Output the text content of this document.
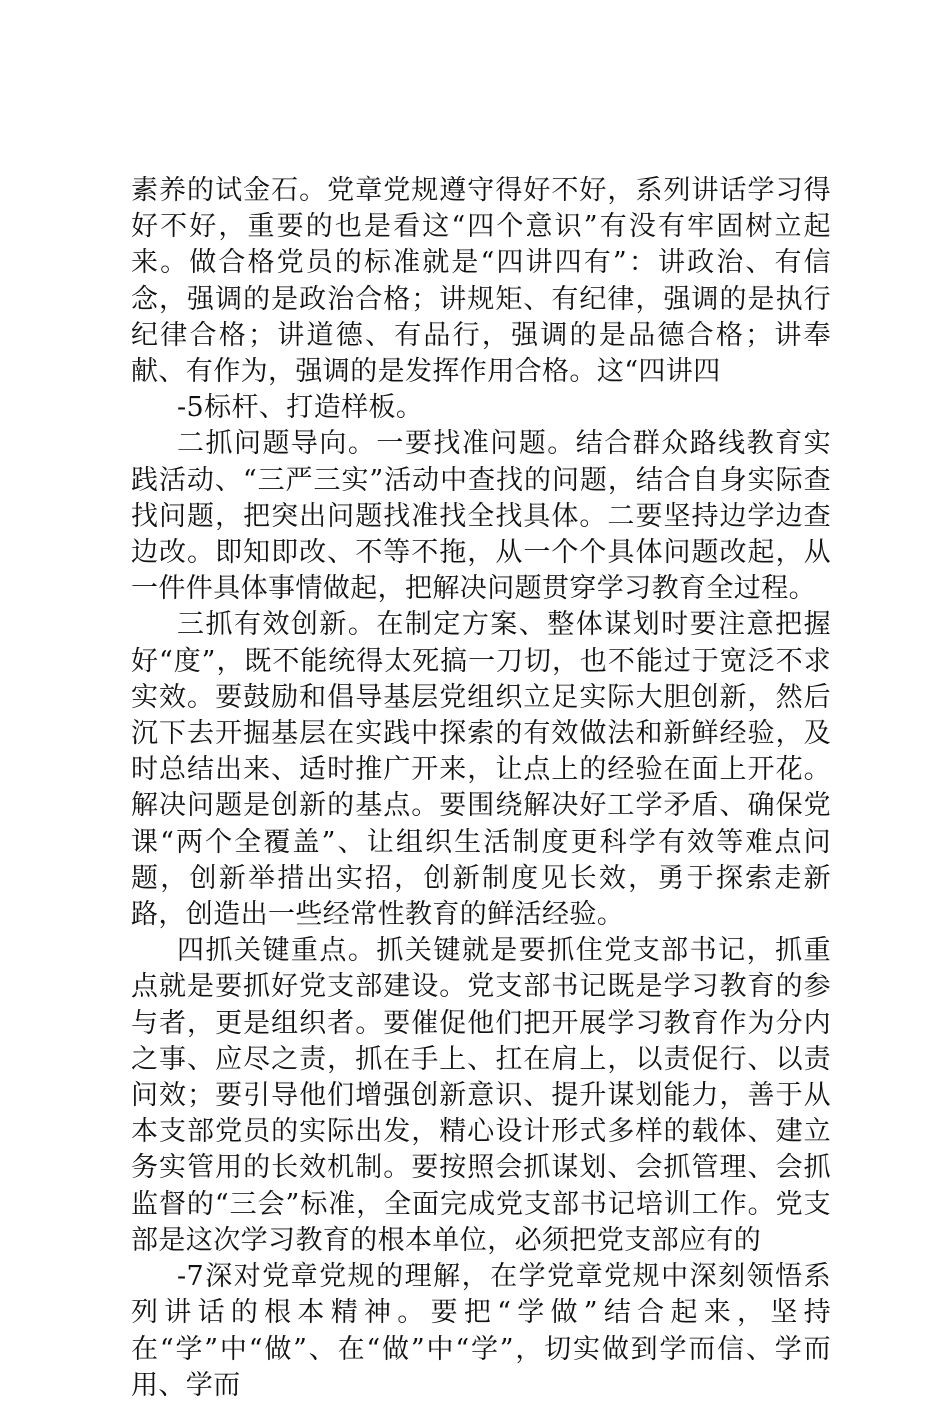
素养的试金石。党章党规遵守得好不好，系列讲话学习得好不好，重要的也是看这“四个意识”有没有牢固树立起来。做合格党员的标准就是“四讲四有”：讲政治、有信念，强调的是政治合格；讲规矩、有纪律，强调的是执行纪律合格；讲道德、有品行，强调的是品德合格；讲奉献、有作为，强调的是发挥作用合格。这“四讲四

-5标杆、打造样板。

二抓问题导向。一要找准问题。结合群众路线教育实践活动、“三严三实”活动中查找的问题，结合自身实际查找问题，把突出问题找准找全找具体。二要坚持边学边查边改。即知即改、不等不拖，从一个个具体问题改起，从一件件具体事情做起，把解决问题贯穿学习教育全过程。

三抓有效创新。在制定方案、整体谋划时要注意把握好“度”，既不能统得太死搞一刀切，也不能过于宽泛不求实效。要鼓励和倡导基层党组织立足实际大胆创新，然后沉下去开掘基层在实践中探索的有效做法和新鲜经验，及时总结出来、适时推广开来，让点上的经验在面上开花。解决问题是创新的基点。要围绕解决好工学矛盾、确保党课“两个全覆盖”、让组织生活制度更科学有效等难点问题，创新举措出实招，创新制度见长效，勇于探索走新路，创造出一些经常性教育的鲜活经验。

四抓关键重点。抓关键就是要抓住党支部书记，抓重点就是要抓好党支部建设。党支部书记既是学习教育的参与者，更是组织者。要催促他们把开展学习教育作为分内之事、应尽之责，抓在手上、扛在肩上，以责促行、以责问效；要引导他们增强创新意识、提升谋划能力，善于从本支部党员的实际出发，精心设计形式多样的载体、建立务实管用的长效机制。要按照会抓谋划、会抓管理、会抓监督的“三会”标准，全面完成党支部书记培训工作。党支部是这次学习教育的根本单位，必须把党支部应有的

-7深对党章党规的理解，在学党章党规中深刻领悟系列讲话的根本精神。要把“学做”结合起来，坚持在“学”中“做”、在“做”中“学”，切实做到学而信、学而用、学而
